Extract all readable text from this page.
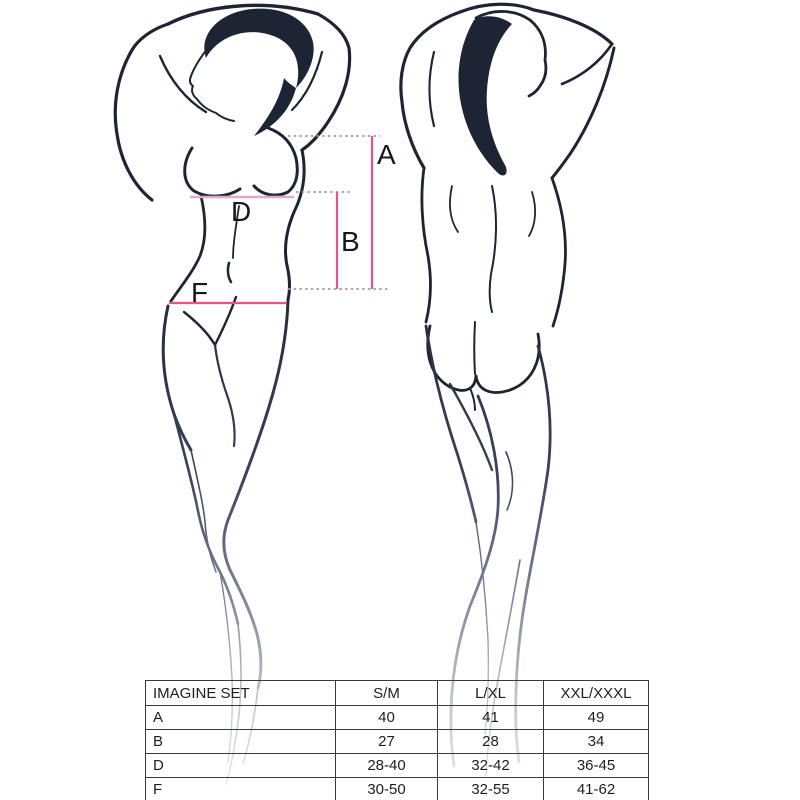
A
B
D
F
IMAGINE SET	S/M	L/XL	XXL/XXXL
A	40	41	49
B	27	28	34
D	28-40	32-42	36-45
F	30-50	32-55	41-62
